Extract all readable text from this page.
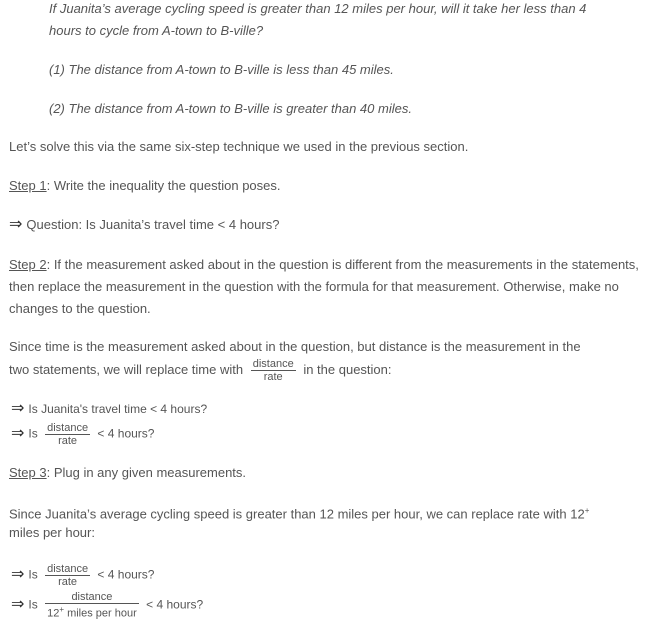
If Juanita’s average cycling speed is greater than 12 miles per hour, will it take her less than 4
hours to cycle from A-town to B-ville?
(1) The distance from A-town to B-ville is less than 45 miles.
(2) The distance from A-town to B-ville is greater than 40 miles.
Let’s solve this via the same six-step technique we used in the previous section.
Step 1: Write the inequality the question poses.
⇒ Question: Is Juanita’s travel time < 4 hours?
Step 2: If the measurement asked about in the question is different from the measurements in the statements, then replace the measurement in the question with the formula for that measurement. Otherwise, make no changes to the question.
Since time is the measurement asked about in the question, but distance is the measurement in the
two statements, we will replace time with $\frac{\text{distance}}{\text{rate}}$ in the question:
⇒ Is Juanita's travel time < 4 hours?
⇒ Is $\frac{\text{distance}}{\text{rate}} < 4$ hours?
Step 3: Plug in any given measurements.
Since Juanita’s average cycling speed is greater than 12 miles per hour, we can replace rate with 12+
miles per hour:
⇒ Is $\frac{\text{distance}}{\text{rate}} < 4$ hours?
⇒ Is $\frac{\text{distance}}{12^+ miles per hour} < 4$ hours?
